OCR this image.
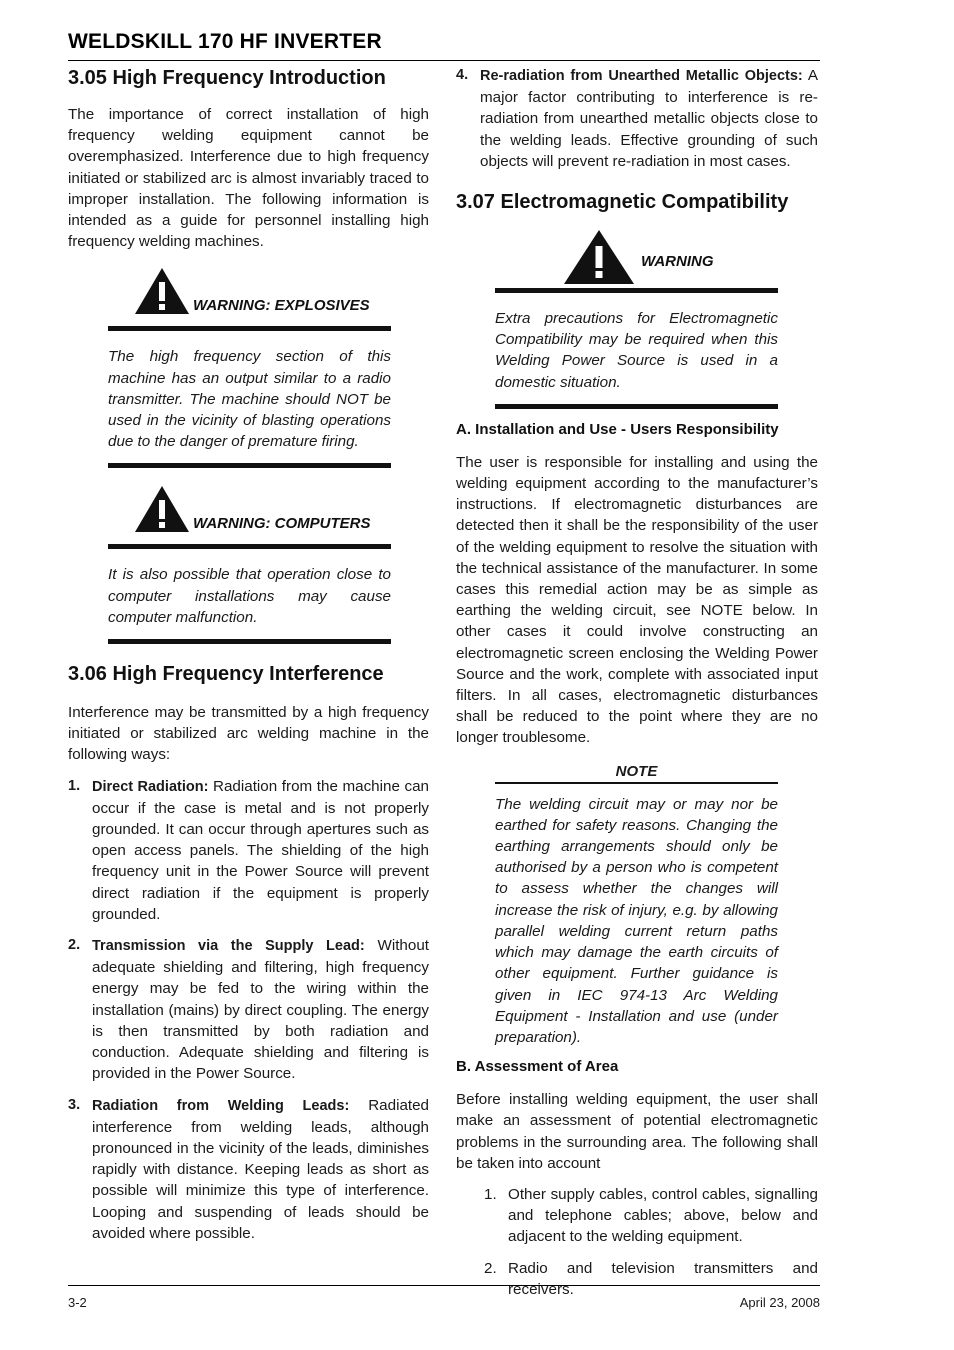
WELDSKILL 170 HF INVERTER
3.05 High Frequency Introduction

The importance of correct installation of high frequency welding equipment cannot be overemphasized. Interference due to high frequency initiated or stabilized arc is almost invariably traced to improper installation. The following information is intended as a guide for personnel installing high frequency welding machines.

WARNING: EXPLOSIVES

The high frequency section of this machine has an output similar to a radio transmitter. The machine should NOT be used in the vicinity of blasting operations due to the danger of premature firing.

WARNING: COMPUTERS

It is also possible that operation close to computer installations may cause computer malfunction.

3.06 High Frequency Interference

Interference may be transmitted by a high frequency initiated or stabilized arc welding machine in the following ways:

1. Direct Radiation: Radiation from the machine can occur if the case is metal and is not properly grounded. It can occur through apertures such as open access panels. The shielding of the high frequency unit in the Power Source will prevent direct radiation if the equipment is properly grounded.
2. Transmission via the Supply Lead: Without adequate shielding and filtering, high frequency energy may be fed to the wiring within the installation (mains) by direct coupling. The energy is then transmitted by both radiation and conduction. Adequate shielding and filtering is provided in the Power Source.
3. Radiation from Welding Leads: Radiated interference from welding leads, although pronounced in the vicinity of the leads, diminishes rapidly with distance. Keeping leads as short as possible will minimize this type of interference. Looping and suspending of leads should be avoided where possible.
4. Re-radiation from Unearthed Metallic Objects: A major factor contributing to interference is re-radiation from unearthed metallic objects close to the welding leads. Effective grounding of such objects will prevent re-radiation in most cases.
3.07 Electromagnetic Compatibility
WARNING

Extra precautions for Electromagnetic Compatibility may be required when this Welding Power Source is used in a domestic situation.

A. Installation and Use - Users Responsibility

The user is responsible for installing and using the welding equipment according to the manufacturer’s instructions. If electromagnetic disturbances are detected then it shall be the responsibility of the user of the welding equipment to resolve the situation with the technical assistance of the manufacturer. In some cases this remedial action may be as simple as earthing the welding circuit, see NOTE below. In other cases it could involve constructing an electromagnetic screen enclosing the Welding Power Source and the work, complete with associated input filters. In all cases, electromagnetic disturbances shall be reduced to the point where they are no longer troublesome.

NOTE

The welding circuit may or may nor be earthed for safety reasons. Changing the earthing arrangements should only be authorised by a person who is competent to assess whether the changes will increase the risk of injury, e.g. by allowing parallel welding current return paths which may damage the earth circuits of other equipment. Further guidance is given in IEC 974-13 Arc Welding Equipment - Installation and use (under preparation).

B. Assessment of Area

Before installing welding equipment, the user shall make an assessment of potential electromagnetic problems in the surrounding area. The following shall be taken into account

1. Other supply cables, control cables, signalling and telephone cables; above, below and adjacent to the welding equipment.
2. Radio and television transmitters and receivers.
3-2	April 23, 2008
